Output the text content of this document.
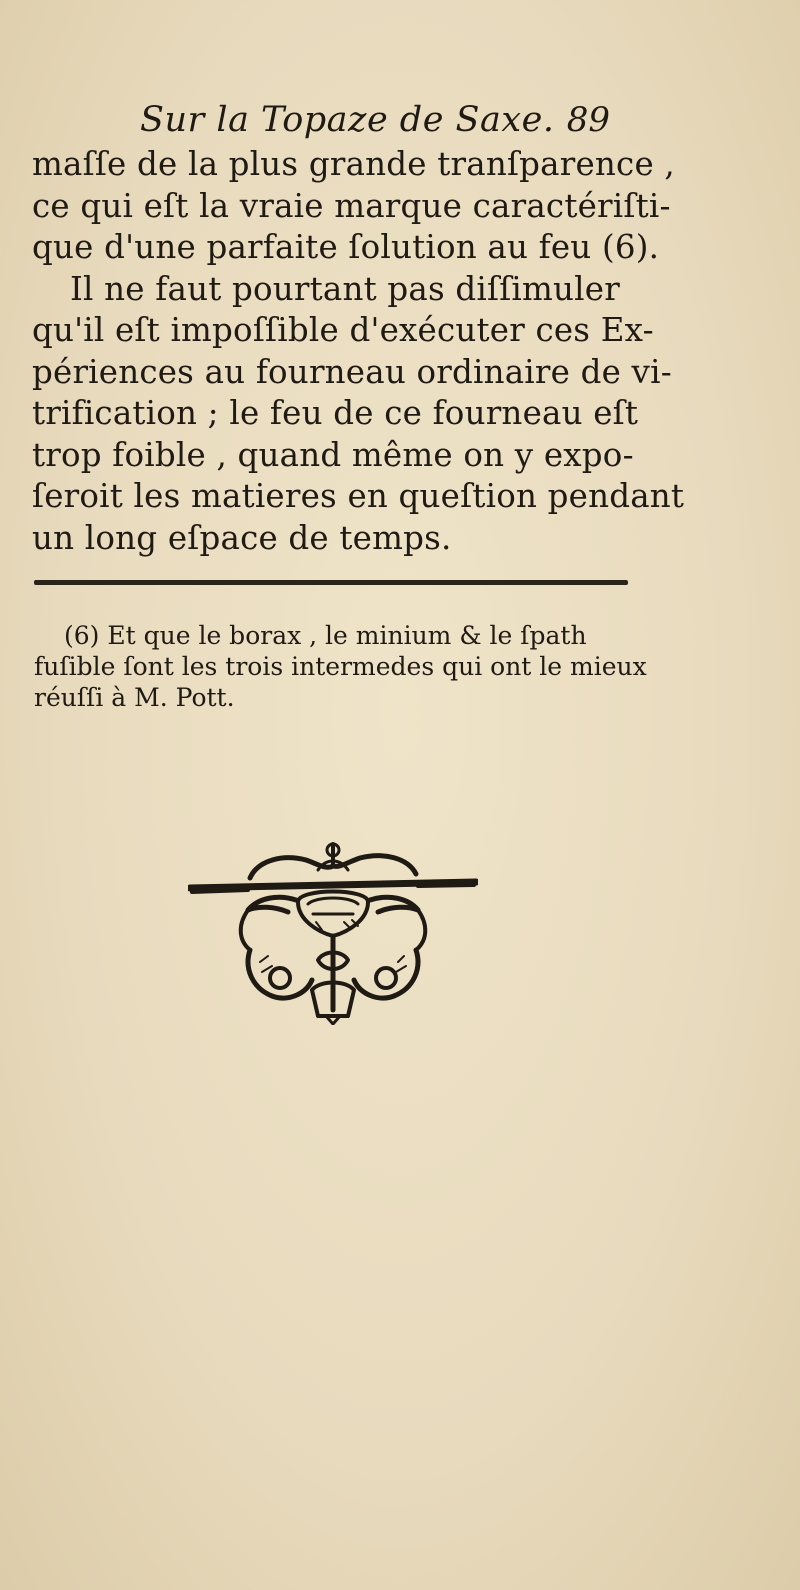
Sur la Topaze de Saxe. 89
maſſe de la plus grande tranſparence ,
ce qui eſt la vraie marque caractériſti-
que d'une parfaite ſolution au feu (6).
Il ne faut pourtant pas diſſimuler
qu'il eſt impoſſible d'exécuter ces Ex-
périences au fourneau ordinaire de vi-
trification ; le feu de ce fourneau eſt
trop foible , quand même on y expo-
ſeroit les matieres en queſtion pendant
un long eſpace de temps.
(6) Et que le borax , le minium & le ſpath
fuſible ſont les trois intermedes qui ont le mieux
réuſſi à M. Pott.
